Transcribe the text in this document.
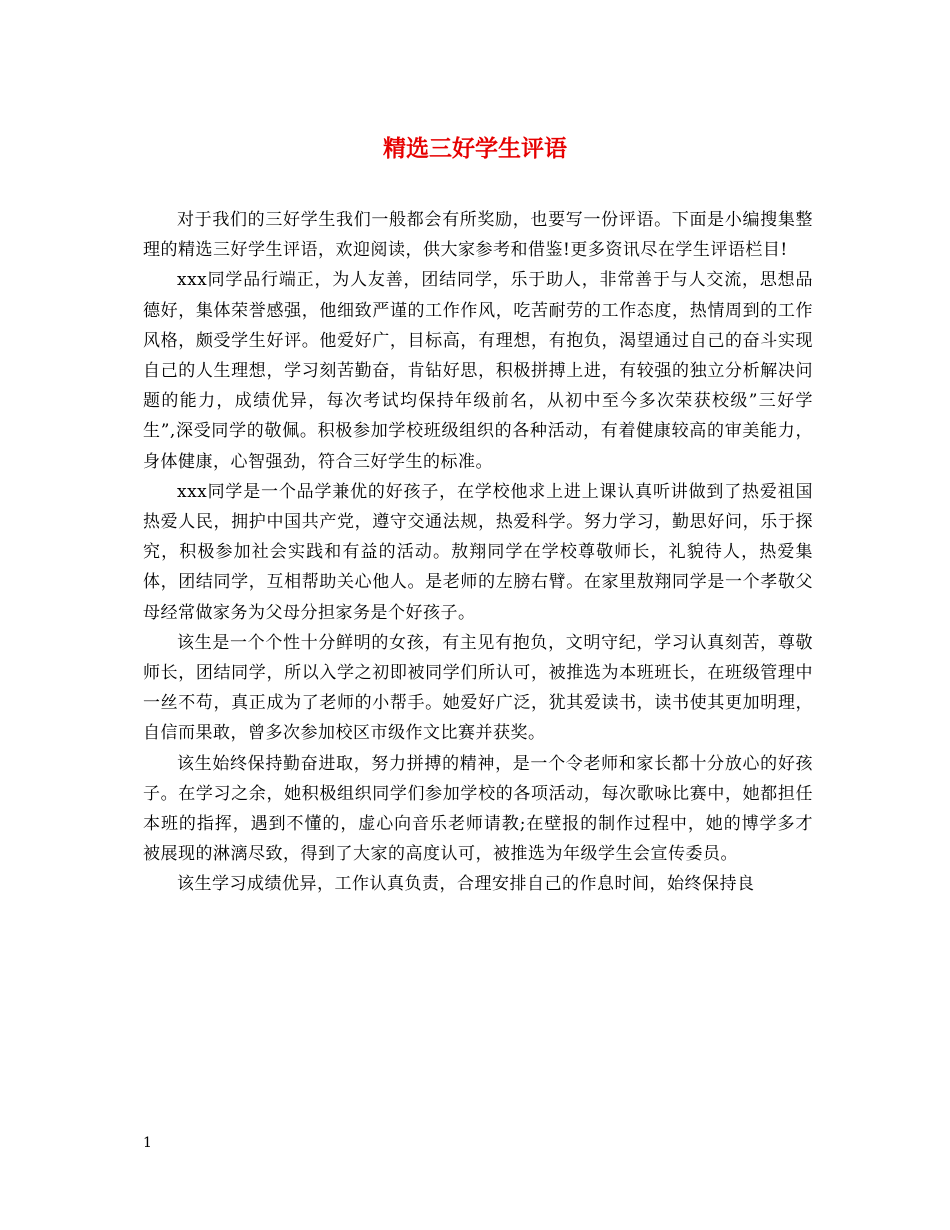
精选三好学生评语

对于我们的三好学生我们一般都会有所奖励，也要写一份评语。下面是小编搜集整理的精选三好学生评语，欢迎阅读，供大家参考和借鉴!更多资讯尽在学生评语栏目!

xxx同学品行端正，为人友善，团结同学，乐于助人，非常善于与人交流，思想品德好，集体荣誉感强，他细致严谨的工作作风，吃苦耐劳的工作态度，热情周到的工作风格，颇受学生好评。他爱好广，目标高，有理想，有抱负，渴望通过自己的奋斗实现自己的人生理想，学习刻苦勤奋，肯钻好思，积极拼搏上进，有较强的独立分析解决问题的能力，成绩优异，每次考试均保持年级前名，从初中至今多次荣获校级”三好学生”,深受同学的敬佩。积极参加学校班级组织的各种活动，有着健康较高的审美能力，身体健康，心智强劲，符合三好学生的标准。

xxx同学是一个品学兼优的好孩子，在学校他求上进上课认真听讲做到了热爱祖国热爱人民，拥护中国共产党，遵守交通法规，热爱科学。努力学习，勤思好问，乐于探究，积极参加社会实践和有益的活动。敖翔同学在学校尊敬师长，礼貌待人，热爱集体，团结同学，互相帮助关心他人。是老师的左膀右臂。在家里敖翔同学是一个孝敬父母经常做家务为父母分担家务是个好孩子。

该生是一个个性十分鲜明的女孩，有主见有抱负，文明守纪，学习认真刻苦，尊敬师长，团结同学，所以入学之初即被同学们所认可，被推选为本班班长，在班级管理中一丝不苟，真正成为了老师的小帮手。她爱好广泛，犹其爱读书，读书使其更加明理，自信而果敢，曾多次参加校区市级作文比赛并获奖。

该生始终保持勤奋进取，努力拼搏的精神，是一个令老师和家长都十分放心的好孩子。在学习之余，她积极组织同学们参加学校的各项活动，每次歌咏比赛中，她都担任本班的指挥，遇到不懂的，虚心向音乐老师请教;在壁报的制作过程中，她的博学多才被展现的淋漓尽致，得到了大家的高度认可，被推选为年级学生会宣传委员。

该生学习成绩优异，工作认真负责，合理安排自己的作息时间，始终保持良

1
